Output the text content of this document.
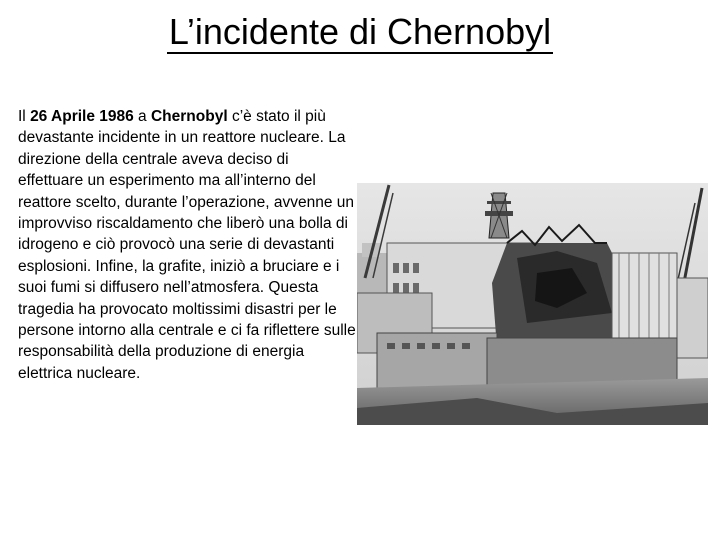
L’incidente di Chernobyl
Il 26 Aprile 1986 a Chernobyl c’è stato il più devastante incidente in un reattore nucleare. La direzione della centrale aveva deciso di effettuare un esperimento ma all’interno del reattore scelto, durante l’operazione, avvenne un improvviso riscaldamento che liberò una bolla di idrogeno e ciò provocò una serie di devastanti esplosioni. Infine, la grafite, iniziò a bruciare e i suoi fumi si diffusero nell’atmosfera. Questa tragedia ha provocato moltissimi disastri per le persone intorno alla centrale e ci fa riflettere sulle responsabilità della produzione di energia elettrica nucleare.
